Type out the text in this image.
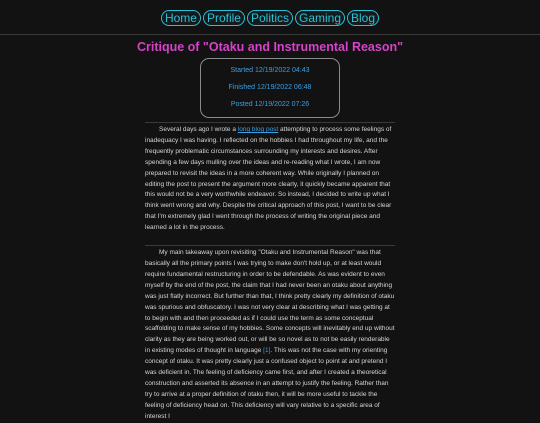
Home Profile Politics Gaming Blog
Critique of "Otaku and Instrumental Reason"
Started 12/19/2022 04:43
Finished 12/19/2022 06:48
Posted 12/19/2022 07:26

Several days ago I wrote a long blog post attempting to process some feelings of inadequacy I was having. I reflected on the hobbies I had throughout my life, and the frequently problematic circumstances surrounding my interests and desires. After spending a few days mulling over the ideas and re-reading what I wrote, I am now prepared to revisit the ideas in a more coherent way. While originally I planned on editing the post to present the argument more clearly, it quickly became apparent that this would not be a very worthwhile endeavor. So instead, I decided to write up what I think went wrong and why. Despite the critical approach of this post, I want to be clear that I'm extremely glad I went through the process of writing the original piece and learned a lot in the process.

My main takeaway upon revisiting "Otaku and Instrumental Reason" was that basically all the primary points I was trying to make don't hold up, or at least would require fundamental restructuring in order to be defendable. As was evident to even myself by the end of the post, the claim that I had never been an otaku about anything was just flatly incorrect. But further than that, I think pretty clearly my definition of otaku was spurious and obfuscatory. I was not very clear at describing what I was getting at to begin with and then proceeded as if I could use the term as some conceptual scaffolding to make sense of my hobbies. Some concepts will inevitably end up without clarity as they are being worked out, or will be so novel as to not be easily renderable in existing modes of thought in language [1]. This was not the case with my orienting concept of otaku. It was pretty clearly just a confused object to point at and pretend I was deficient in. The feeling of deficiency came first, and after I created a theoretical construction and asserted its absence in an attempt to justify the feeling. Rather than try to arrive at a proper definition of otaku then, it will be more useful to tackle the feeling of deficiency head on. This deficiency will vary relative to a specific area of interest I
